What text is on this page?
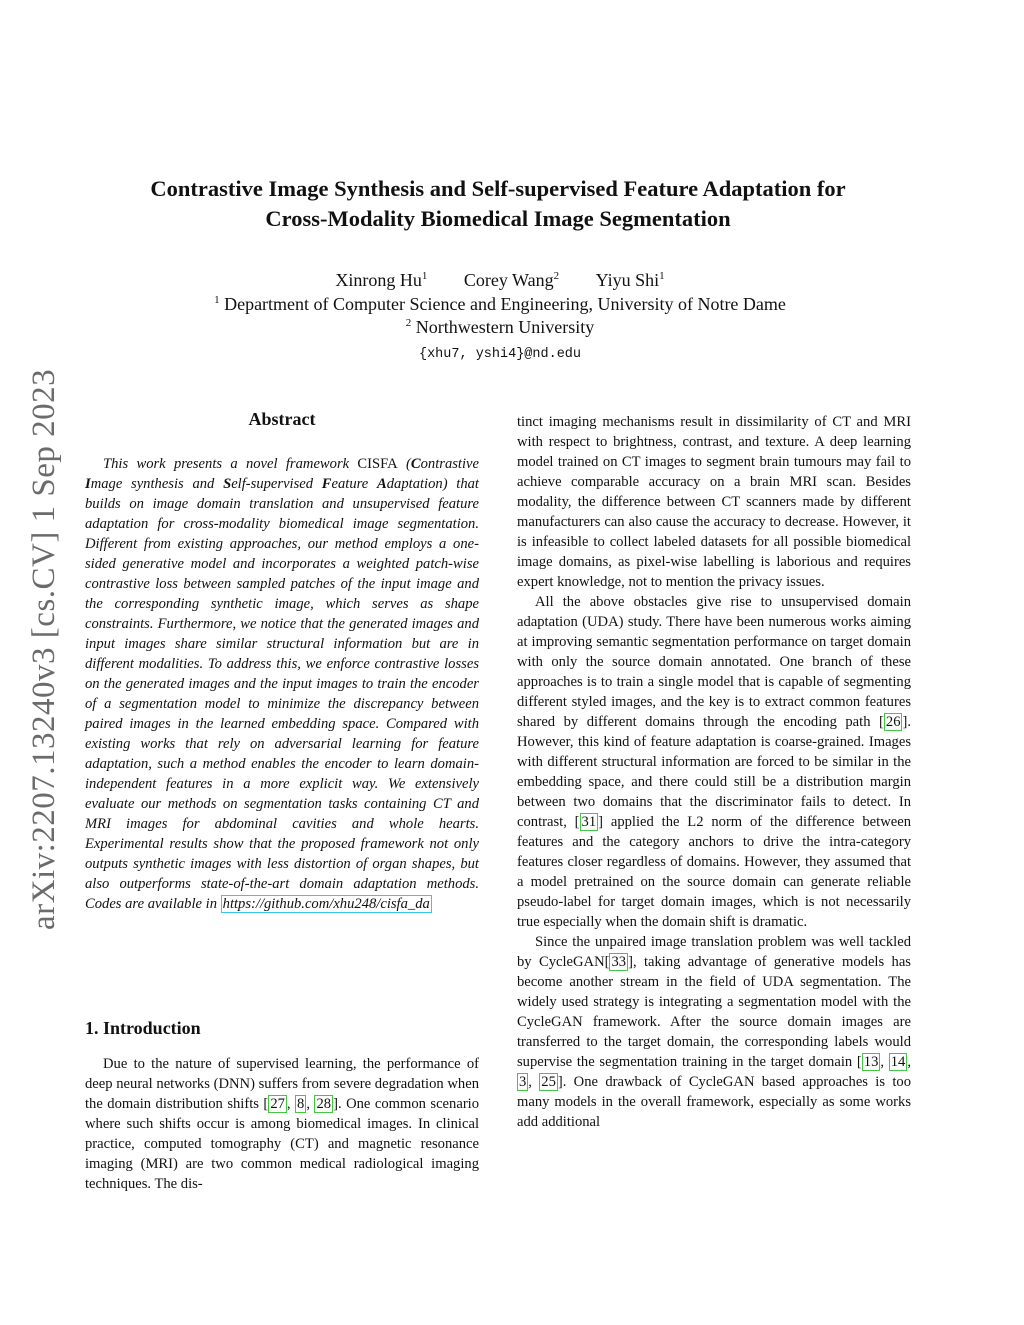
arXiv:2207.13240v3 [cs.CV] 1 Sep 2023
Contrastive Image Synthesis and Self-supervised Feature Adaptation for
Cross-Modality Biomedical Image Segmentation
Xinrong Hu$^1$ Corey Wang$^2$ Yiyu Shi$^1$
$^1$ Department of Computer Science and Engineering, University of Notre Dame
$^2$ Northwestern University
{xhu7, yshi4}@nd.edu
Abstract

This work presents a novel framework CISFA (Contrastive Image synthesis and Self-supervised Feature Adaptation) that builds on image domain translation and unsupervised feature adaptation for cross-modality biomedical image segmentation. Different from existing approaches, our method employs a one-sided generative model and incorporates a weighted patch-wise contrastive loss between sampled patches of the input image and the corresponding synthetic image, which serves as shape constraints. Furthermore, we notice that the generated images and input images share similar structural information but are in different modalities. To address this, we enforce contrastive losses on the generated images and the input images to train the encoder of a segmentation model to minimize the discrepancy between paired images in the learned embedding space. Compared with existing works that rely on adversarial learning for feature adaptation, such a method enables the encoder to learn domain-independent features in a more explicit way. We extensively evaluate our methods on segmentation tasks containing CT and MRI images for abdominal cavities and whole hearts. Experimental results show that the proposed framework not only outputs synthetic images with less distortion of organ shapes, but also outperforms state-of-the-art domain adaptation methods. Codes are available in https://github.com/xhu248/cisfa_da

1. Introduction

Due to the nature of supervised learning, the performance of deep neural networks (DNN) suffers from severe degradation when the domain distribution shifts [ 27 , 8 , 28 ]. One common scenario where such shifts occur is among biomedical images. In clinical practice, computed tomography (CT) and magnetic resonance imaging (MRI) are two common medical radiological imaging techniques. The dis-

tinct imaging mechanisms result in dissimilarity of CT and MRI with respect to brightness, contrast, and texture. A deep learning model trained on CT images to segment brain tumours may fail to achieve comparable accuracy on a brain MRI scan. Besides modality, the difference between CT scanners made by different manufacturers can also cause the accuracy to decrease. However, it is infeasible to collect labeled datasets for all possible biomedical image domains, as pixel-wise labelling is laborious and requires expert knowledge, not to mention the privacy issues.

All the above obstacles give rise to unsupervised domain adaptation (UDA) study. There have been numerous works aiming at improving semantic segmentation performance on target domain with only the source domain annotated. One branch of these approaches is to train a single model that is capable of segmenting different styled images, and the key is to extract common features shared by different domains through the encoding path [ 26 ]. However, this kind of feature adaptation is coarse-grained. Images with different structural information are forced to be similar in the embedding space, and there could still be a distribution margin between two domains that the discriminator fails to detect. In contrast, [ 31 ] applied the L2 norm of the difference between features and the category anchors to drive the intra-category features closer regardless of domains. However, they assumed that a model pretrained on the source domain can generate reliable pseudo-label for target domain images, which is not necessarily true especially when the domain shift is dramatic.

Since the unpaired image translation problem was well tackled by CycleGAN[ 33 ], taking advantage of generative models has become another stream in the field of UDA segmentation. The widely used strategy is integrating a segmentation model with the CycleGAN framework. After the source domain images are transferred to the target domain, the corresponding labels would supervise the segmentation training in the target domain [ 13 , 14 , 3 , 25 ]. One drawback of CycleGAN based approaches is too many models in the overall framework, especially as some works add additional
